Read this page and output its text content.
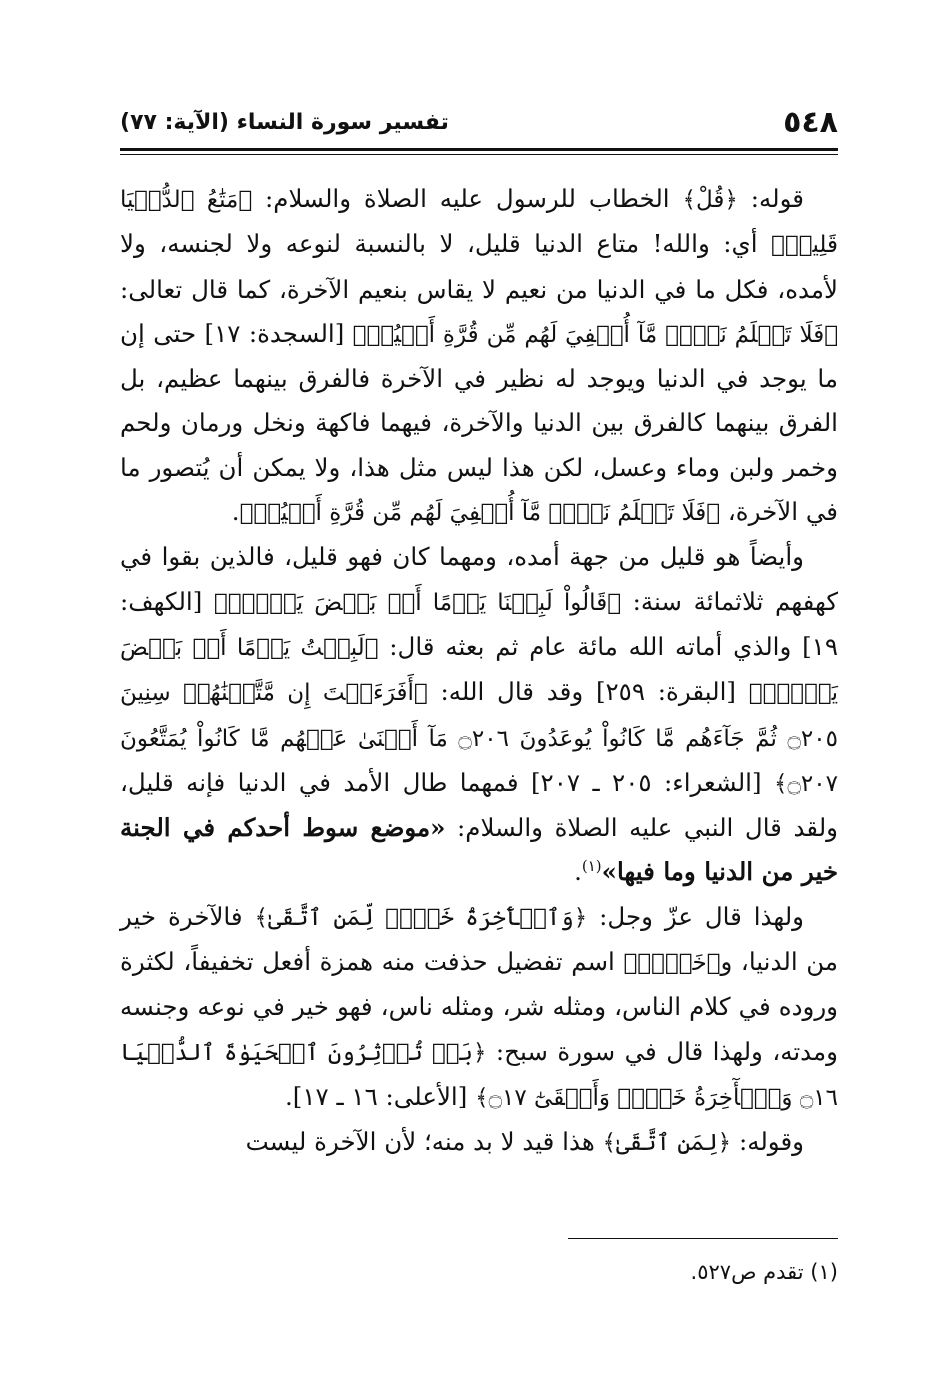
٥٤٨
تفسير سورة النساء (الآية: ٧٧)

قوله: ﴿قُلْ﴾ الخطاب للرسول عليه الصلاة والسلام: ﴿مَتَٰعُ ٱلدُّنۡيَا قَلِيلٞ﴾ أي: والله! متاع الدنيا قليل، لا بالنسبة لنوعه ولا لجنسه، ولا لأمده، فكل ما في الدنيا من نعيم لا يقاس بنعيم الآخرة، كما قال تعالى: ﴿فَلَا تَعۡلَمُ نَفۡسٞ مَّآ أُخۡفِيَ لَهُم مِّن قُرَّةِ أَعۡيُنٖ﴾ [السجدة: ١٧] حتى إن ما يوجد في الدنيا ويوجد له نظير في الآخرة فالفرق بينهما عظيم، بل الفرق بينهما كالفرق بين الدنيا والآخرة، فيهما فاكهة ونخل ورمان ولحم وخمر ولبن وماء وعسل، لكن هذا ليس مثل هذا، ولا يمكن أن يُتصور ما في الآخرة، ﴿فَلَا تَعۡلَمُ نَفۡسٞ مَّآ أُخۡفِيَ لَهُم مِّن قُرَّةِ أَعۡيُنٖ﴾.

وأيضاً هو قليل من جهة أمده، ومهما كان فهو قليل، فالذين بقوا في كهفهم ثلاثمائة سنة: ﴿قَالُواْ لَبِثۡنَا يَوۡمًا أَوۡ بَعۡضَ يَوۡمٖۚ﴾ [الكهف: ١٩] والذي أماته الله مائة عام ثم بعثه قال: ﴿لَبِثۡتُ يَوۡمًا أَوۡ بَعۡضَ يَوۡمٖۖ﴾ [البقرة: ٢٥٩] وقد قال الله: ﴿أَفَرَءَيۡتَ إِن مَّتَّعۡنَٰهُمۡ سِنِينَ ۝٢٠٥ ثُمَّ جَآءَهُم مَّا كَانُواْ يُوعَدُونَ ۝٢٠٦ مَآ أَغۡنَىٰ عَنۡهُم مَّا كَانُواْ يُمَتَّعُونَ ۝٢٠٧﴾ [الشعراء: ٢٠٥ ـ ٢٠٧] فمهما طال الأمد في الدنيا فإنه قليل، ولقد قال النبي عليه الصلاة والسلام: «موضع سوط أحدكم في الجنة خير من الدنيا وما فيها»$^{(١)}$.

ولهذا قال عزّ وجل: ﴿وَٱلۡأٓخِرَةُ خَيۡرٞ لِّمَنِ ٱتَّقَىٰ﴾ فالآخرة خير من الدنيا، و﴿خَيۡرٞ﴾ اسم تفضيل حذفت منه همزة أفعل تخفيفاً، لكثرة وروده في كلام الناس، ومثله شر، ومثله ناس، فهو خير في نوعه وجنسه ومدته، ولهذا قال في سورة سبح: ﴿بَلۡ تُؤۡثِرُونَ ٱلۡحَيَوٰةَ ٱلدُّنۡيَا ۝١٦ وَٱلۡأٓخِرَةُ خَيۡرٞ وَأَبۡقَىٰٓ ۝١٧﴾ [الأعلى: ١٦ ـ ١٧].

وقوله: ﴿لِمَنِ ٱتَّقَىٰ﴾ هذا قيد لا بد منه؛ لأن الآخرة ليست

(١) تقدم ص٥٢٧.
